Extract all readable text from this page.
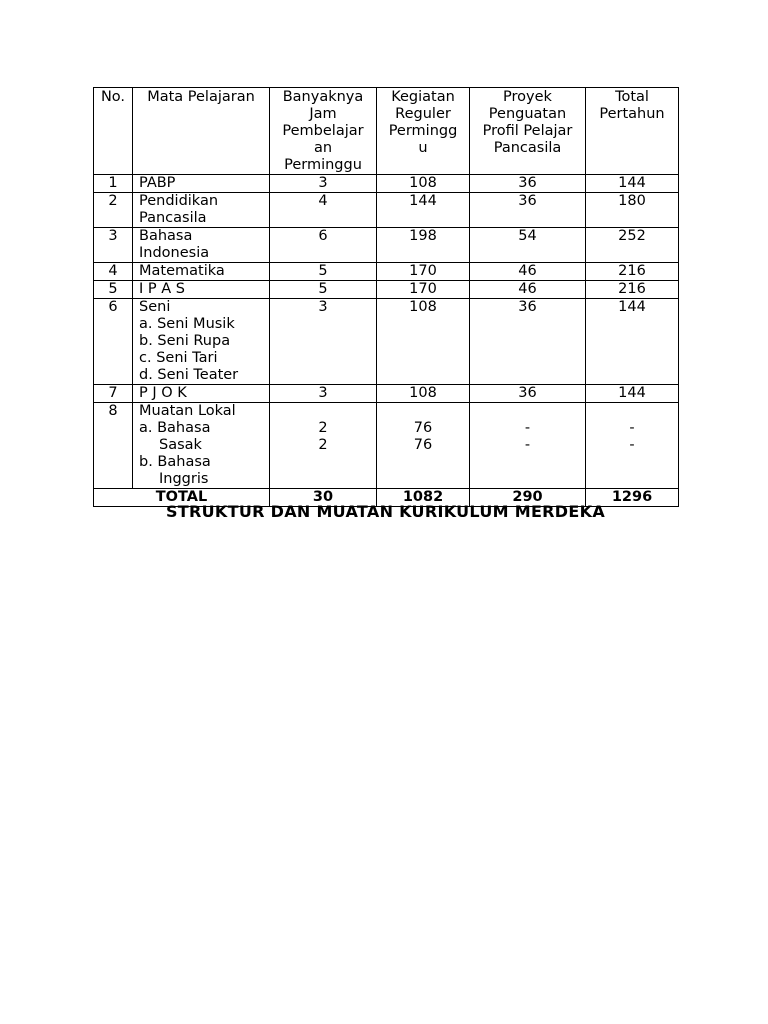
No.	Mata Pelajaran	Banyaknya
Jam
Pembelajar
an
Perminggu	Kegiatan
Reguler
Permingg
u	Proyek
Penguatan
Profil Pelajar
Pancasila	Total
Pertahun

1	PABP	3	108	36	144
2	Pendidikan
Pancasila	4	144	36	180
3	Bahasa
Indonesia	6	198	54	252
4	Matematika	5	170	46	216
5	I P A S	5	170	46	216
6	Seni
a. Seni Musik
b. Seni Rupa
c. Seni Tari
d. Seni Teater	3	108	36	144
7	P J O K	3	108	36	144
8	Muatan Lokal
a. Bahasa
Sasak
b. Bahasa
Inggris	2
2	76
76	-
-	-
-

TOTAL		30	1082	290	1296
STRUKTUR DAN MUATAN KURIKULUM MERDEKA
